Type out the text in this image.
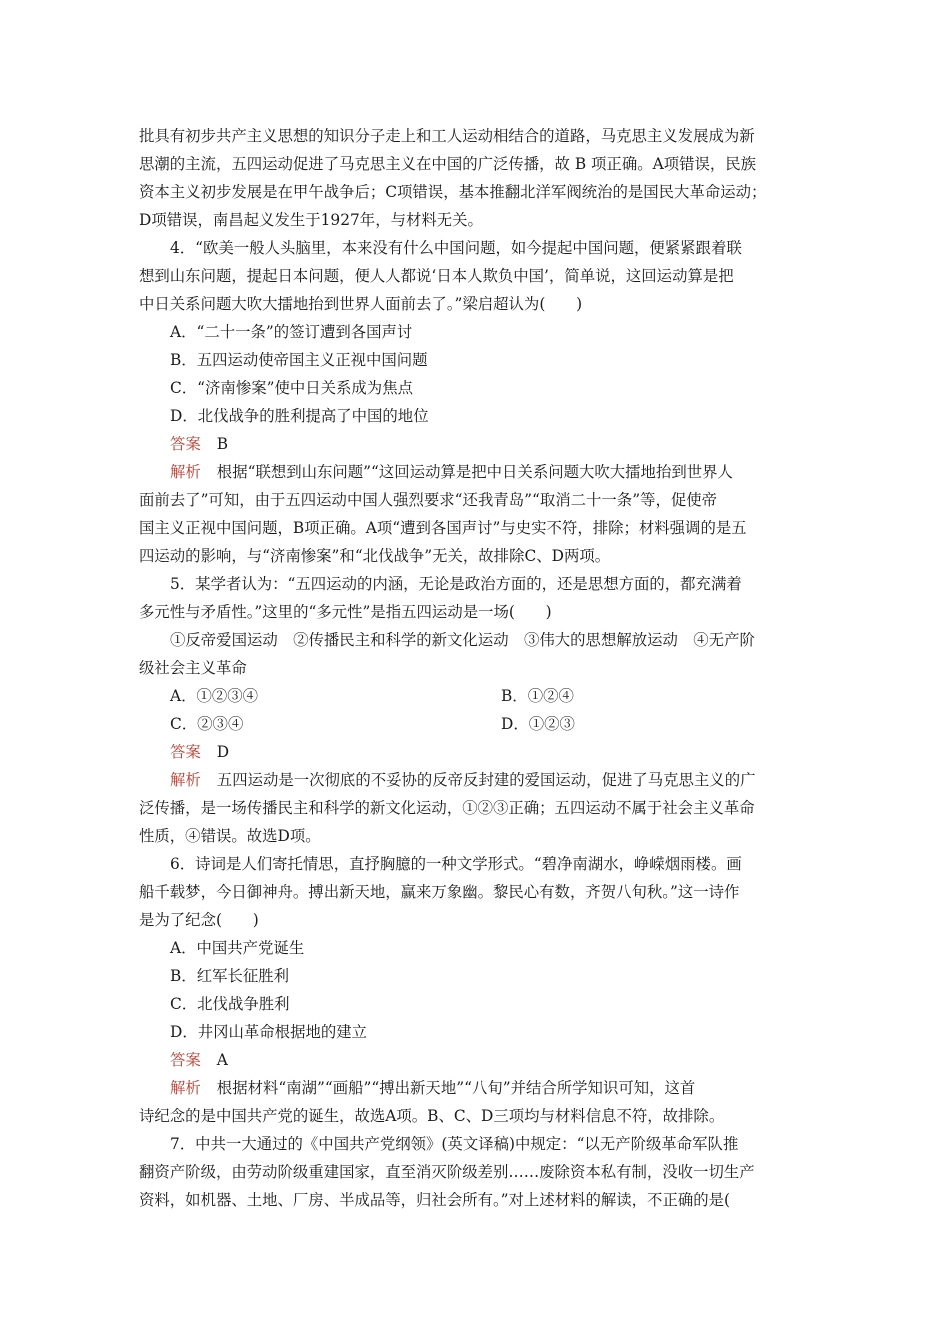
批具有初步共产主义思想的知识分子走上和工人运动相结合的道路，马克思主义发展成为新
思潮的主流，五四运动促进了马克思主义在中国的广泛传播，故 B 项正确。A项错误，民族
资本主义初步发展是在甲午战争后；C项错误，基本推翻北洋军阀统治的是国民大革命运动；
D项错误，南昌起义发生于1927年，与材料无关。

4．“欧美一般人头脑里，本来没有什么中国问题，如今提起中国问题，便紧紧跟着联
想到山东问题，提起日本问题，便人人都说‘日本人欺负中国’，简单说，这回运动算是把
中日关系问题大吹大擂地抬到世界人面前去了。”梁启超认为(　　)

A．“二十一条”的签订遭到各国声讨

B．五四运动使帝国主义正视中国问题

C．“济南惨案”使中日关系成为焦点

D．北伐战争的胜利提高了中国的地位

答案 B

解析 根据“联想到山东问题”“这回运动算是把中日关系问题大吹大擂地抬到世界人
面前去了”可知，由于五四运动中国人强烈要求“还我青岛”“取消二十一条”等，促使帝
国主义正视中国问题，B项正确。A项“遭到各国声讨”与史实不符，排除；材料强调的是五
四运动的影响，与“济南惨案”和“北伐战争”无关，故排除C、D两项。

5．某学者认为：“五四运动的内涵，无论是政治方面的，还是思想方面的，都充满着
多元性与矛盾性。”这里的“多元性”是指五四运动是一场(　　)

①反帝爱国运动　②传播民主和科学的新文化运动　③伟大的思想解放运动　④无产阶
级社会主义革命

A．①②③④	B．①②④
C．②③④	D．①②③

答案 D

解析 五四运动是一次彻底的不妥协的反帝反封建的爱国运动，促进了马克思主义的广
泛传播，是一场传播民主和科学的新文化运动，①②③正确；五四运动不属于社会主义革命
性质，④错误。故选D项。

6．诗词是人们寄托情思，直抒胸臆的一种文学形式。“碧净南湖水，峥嵘烟雨楼。画
船千载梦，今日御神舟。搏出新天地，赢来万象幽。黎民心有数，齐贺八旬秋。”这一诗作
是为了纪念(　　)

A．中国共产党诞生

B．红军长征胜利

C．北伐战争胜利

D．井冈山革命根据地的建立

答案 A

解析 根据材料“南湖”“画船”“搏出新天地”“八旬”并结合所学知识可知，这首
诗纪念的是中国共产党的诞生，故选A项。B、C、D三项均与材料信息不符，故排除。

7．中共一大通过的《中国共产党纲领》(英文译稿)中规定：“以无产阶级革命军队推
翻资产阶级，由劳动阶级重建国家，直至消灭阶级差别……废除资本私有制，没收一切生产
资料，如机器、土地、厂房、半成品等，归社会所有。”对上述材料的解读，不正确的是(
